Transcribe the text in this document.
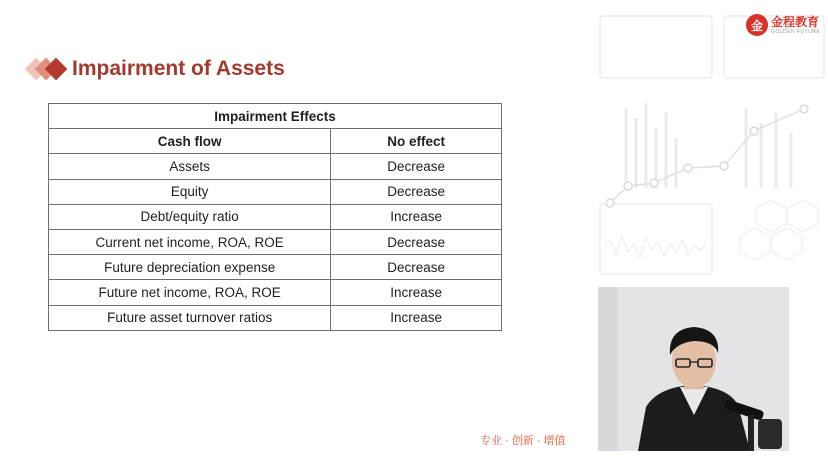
Impairment of Assets
Impairment Effects	
Cash flow	No effect
Assets	Decrease
Equity	Decrease
Debt/equity ratio	Increase
Current net income, ROA, ROE	Decrease
Future depreciation expense	Decrease
Future net income, ROA, ROE	Increase
Future asset turnover ratios	Increase
金 金程教育
GOLDEN FUTURE
专业 · 创新 · 增值
